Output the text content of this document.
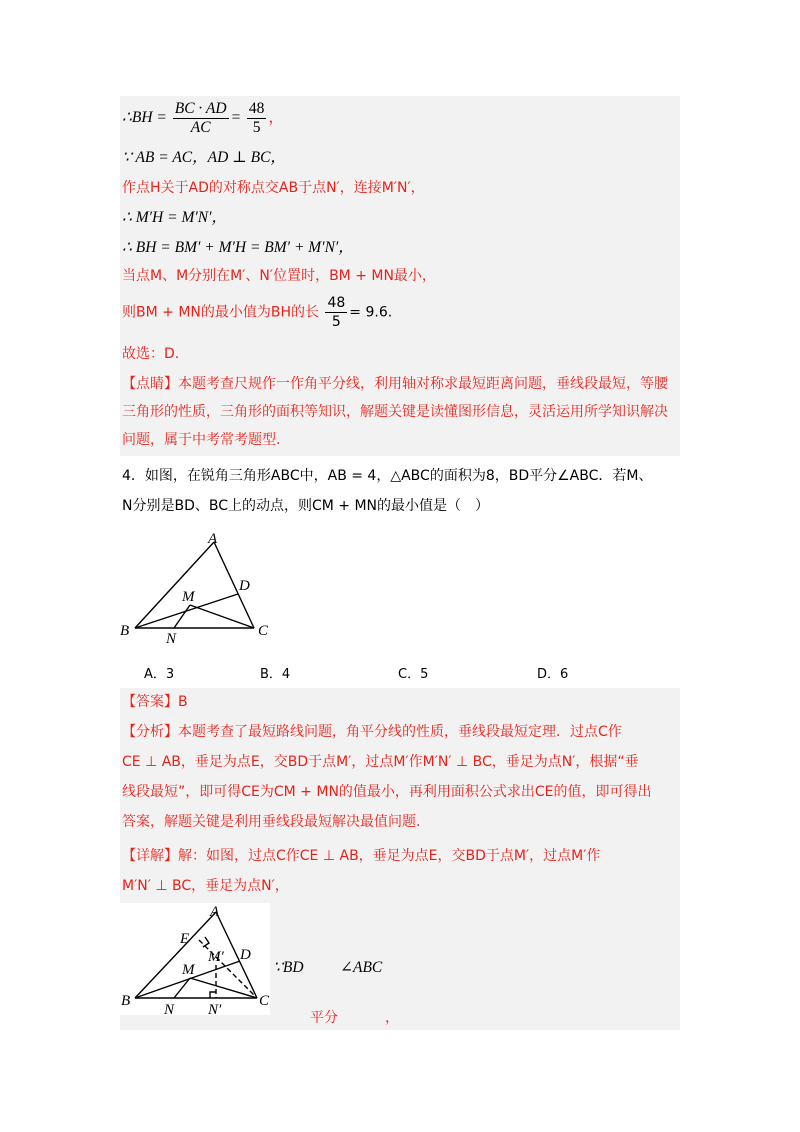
∴BH = $\frac{BC \cdot AD}{AC} = \frac{48}{5}$ ，
∵ AB = AC，AD ⊥ BC，
作点H关于AD的对称点交AB于点N′，连接M′N′，
∴ M′H = M′N′，
∴ BH = BM′ + M′H = BM′ + M′N′，
当点M、M分别在M′、N′位置时，BM + MN最小，
则BM + MN的最小值为BH的长 $\frac{48}{5} = 9.6$.
故选：D.
【点睛】本题考查尺规作一作角平分线，利用轴对称求最短距离问题，垂线段最短，等腰
三角形的性质，三角形的面积等知识，解题关键是读懂图形信息，灵活运用所学知识解决
问题，属于中考常考题型.
4．如图，在锐角三角形ABC中，AB = 4，△ABC的面积为8，BD平分∠ABC．若M、
N分别是BD、BC上的动点，则CM + MN的最小值是（　）
A
B	C
D
M
N
A．3	B．4	C．5	D．6
【答案】B
【分析】本题考查了最短路线问题，角平分线的性质，垂线段最短定理．过点C作
CE ⊥ AB，垂足为点E，交BD于点M′，过点M′作M′N′ ⊥ BC，垂足为点N′，根据“垂
线段最短”，即可得CE为CM + MN的值最小，再利用面积公式求出CE的值，即可得出
答案，解题关键是利用垂线段最短解决最值问题.
【详解】解：如图，过点C作CE ⊥ AB，垂足为点E，交BD于点M′，过点M′作
M′N′ ⊥ BC，垂足为点N′，
A
E
M′ D
M
B
N N′
C
∵BD ∠ABC
平分	，
